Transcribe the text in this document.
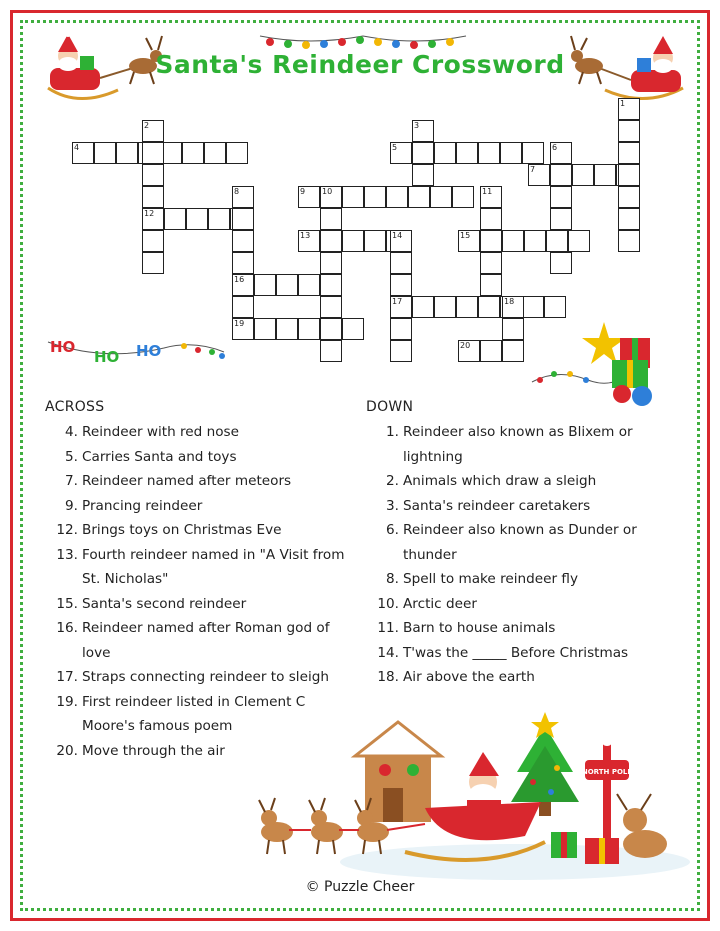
Santa's Reindeer Crossword
1
2	3
4	5	6
7
8	9 10	11
12
13	14	15
16
17	18
19
20
HO
HO HO
ACROSS	DOWN
4. Reindeer with red nose
5. Carries Santa and toys
7. Reindeer named after meteors
9. Prancing reindeer
12. Brings toys on Christmas Eve
13. Fourth reindeer named in "A Visit from St. Nicholas"
15. Santa's second reindeer
16. Reindeer named after Roman god of love
17. Straps connecting reindeer to sleigh
19. First reindeer listed in Clement C Moore's famous poem
20. Move through the air
1. Reindeer also known as Blixem or lightning
2. Animals which draw a sleigh
3. Santa's reindeer caretakers
6. Reindeer also known as Dunder or thunder
8. Spell to make reindeer fly
10. Arctic deer
11. Barn to house animals
14. T'was the _____ Before Christmas
18. Air above the earth
NORTH POLE
© Puzzle Cheer
